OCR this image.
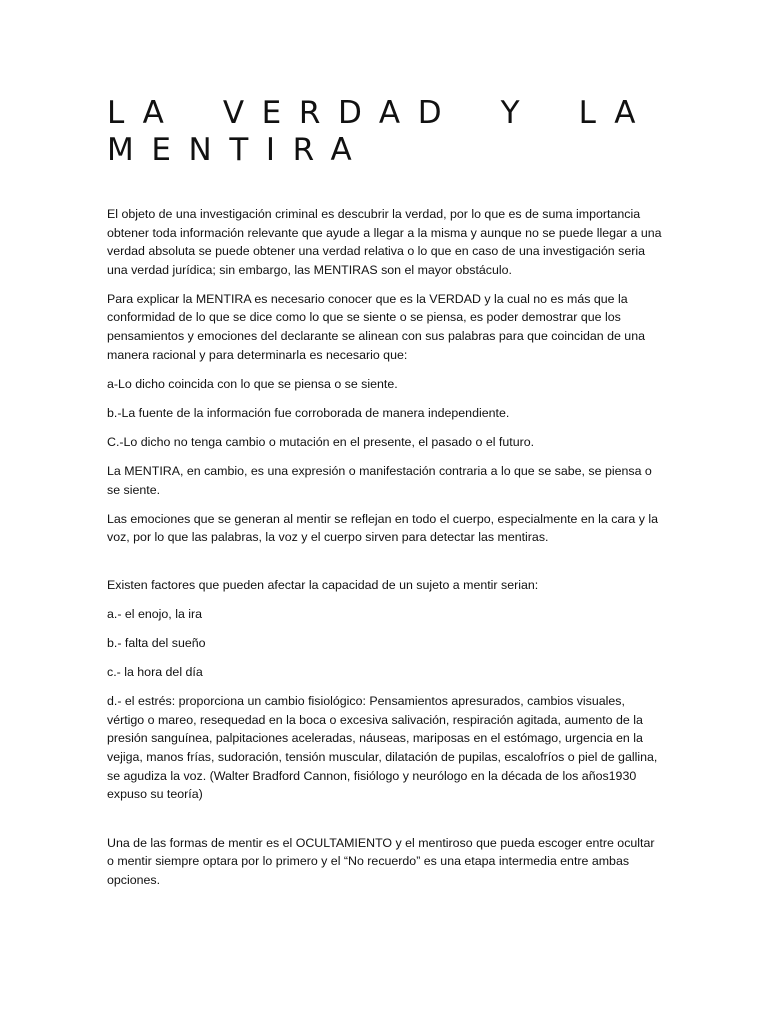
LA VERDAD Y LA MENTIRA

El objeto de una investigación criminal es descubrir la verdad, por lo que es de suma importancia obtener toda información relevante que ayude a llegar a la misma y aunque no se puede llegar a una verdad absoluta se puede obtener una verdad relativa o lo que en caso de una investigación seria una verdad jurídica; sin embargo, las MENTIRAS son el mayor obstáculo.

Para explicar la MENTIRA es necesario conocer que es la VERDAD y la cual no es más que la conformidad de lo que se dice como lo que se siente o se piensa, es poder demostrar que los pensamientos y emociones del declarante se alinean con sus palabras para que coincidan de una manera racional y para determinarla es necesario que:

a-Lo dicho coincida con lo que se piensa o se siente.

b.-La fuente de la información fue corroborada de manera independiente.

C.-Lo dicho no tenga cambio o mutación en el presente, el pasado o el futuro.

La MENTIRA, en cambio, es una expresión o manifestación contraria a lo que se sabe, se piensa o se siente.

Las emociones que se generan al mentir se reflejan en todo el cuerpo, especialmente en la cara y la voz, por lo que las palabras, la voz y el cuerpo sirven para detectar las mentiras.

Existen factores que pueden afectar la capacidad de un sujeto a mentir serian:

a.- el enojo, la ira

b.- falta del sueño

c.- la hora del día

d.- el estrés: proporciona un cambio fisiológico: Pensamientos apresurados, cambios visuales, vértigo o mareo, resequedad en la boca o excesiva salivación, respiración agitada, aumento de la presión sanguínea, palpitaciones aceleradas, náuseas, mariposas en el estómago, urgencia en la vejiga, manos frías, sudoración, tensión muscular, dilatación de pupilas, escalofríos o piel de gallina, se agudiza la voz. (Walter Bradford Cannon, fisiólogo y neurólogo en la década de los años1930 expuso su teoría)

Una de las formas de mentir es el OCULTAMIENTO y el mentiroso que pueda escoger entre ocultar o mentir siempre optara por lo primero y el “No recuerdo” es una etapa intermedia entre ambas opciones.
